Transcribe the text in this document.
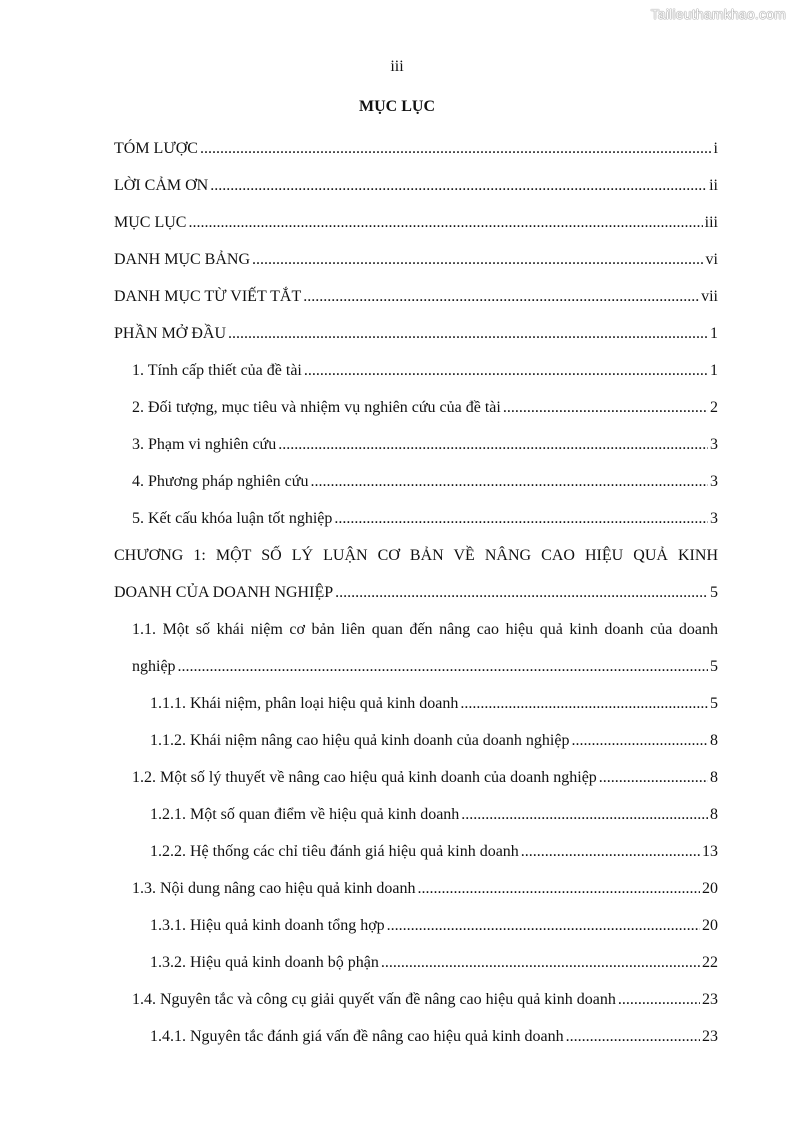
Tailieuthamkhao.com
iii
MỤC LỤC
TÓM LƯỢC .....	i
LỜI CẢM ƠN .....	ii
MỤC LỤC .....	iii
DANH MỤC BẢNG .....	vi
DANH MỤC TỪ VIẾT TẮT .....	vii
PHẦN MỞ ĐẦU .....	1
1. Tính cấp thiết của đề tài .....	1
2. Đối tượng, mục tiêu và nhiệm vụ nghiên cứu của đề tài .....	2
3. Phạm vi nghiên cứu .....	3
4. Phương pháp nghiên cứu .....	3
5. Kết cấu khóa luận tốt nghiệp .....	3
CHƯƠNG 1: MỘT SỐ LÝ LUẬN CƠ BẢN VỀ NÂNG CAO HIỆU QUẢ KINH
DOANH CỦA DOANH NGHIỆP .....	5
1.1. Một số khái niệm cơ bản liên quan đến nâng cao hiệu quả kinh doanh của doanh
nghiệp .....	5
1.1.1. Khái niệm, phân loại hiệu quả kinh doanh .....	5
1.1.2. Khái niệm nâng cao hiệu quả kinh doanh của doanh nghiệp .....	8
1.2. Một số lý thuyết về nâng cao hiệu quả kinh doanh của doanh nghiệp .....	8
1.2.1. Một số quan điểm về hiệu quả kinh doanh .....	8
1.2.2. Hệ thống các chỉ tiêu đánh giá hiệu quả kinh doanh .....	13
1.3. Nội dung nâng cao hiệu quả kinh doanh .....	20
1.3.1. Hiệu quả kinh doanh tổng hợp .....	20
1.3.2. Hiệu quả kinh doanh bộ phận .....	22
1.4. Nguyên tắc và công cụ giải quyết vấn đề nâng cao hiệu quả kinh doanh .....	23
1.4.1. Nguyên tắc đánh giá vấn đề nâng cao hiệu quả kinh doanh .....	23
